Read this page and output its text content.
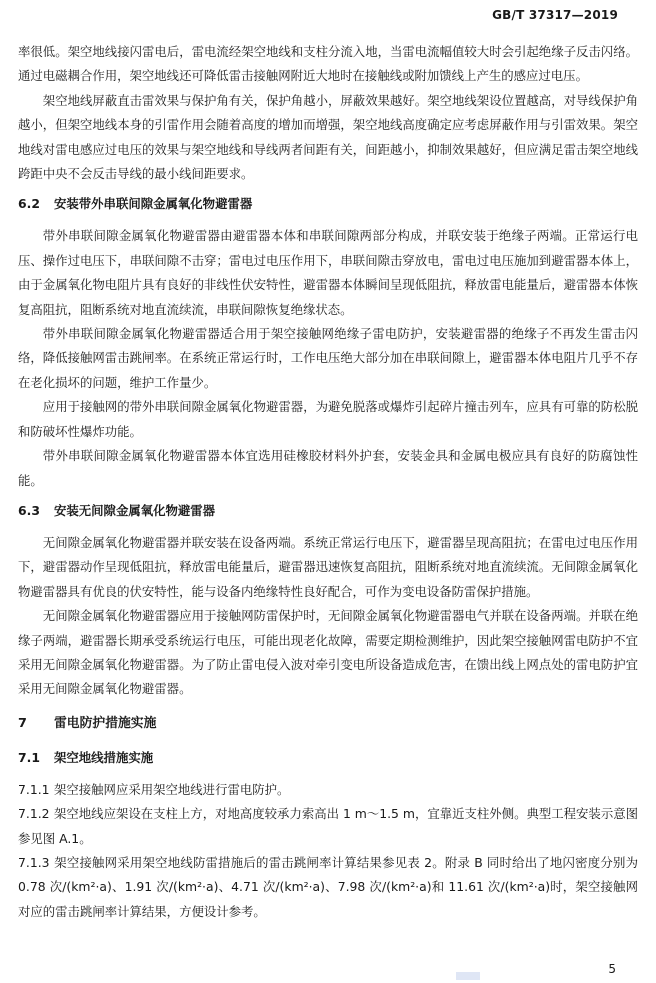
GB/T 37317—2019

率很低。架空地线接闪雷电后，雷电流经架空地线和支柱分流入地，当雷电流幅值较大时会引起绝缘子反击闪络。通过电磁耦合作用，架空地线还可降低雷击接触网附近大地时在接触线或附加馈线上产生的感应过电压。

架空地线屏蔽直击雷效果与保护角有关，保护角越小，屏蔽效果越好。架空地线架设位置越高，对导线保护角越小，但架空地线本身的引雷作用会随着高度的增加而增强，架空地线高度确定应考虑屏蔽作用与引雷效果。架空地线对雷电感应过电压的效果与架空地线和导线两者间距有关，间距越小，抑制效果越好，但应满足雷击架空地线跨距中央不会反击导线的最小线间距要求。

6.2 安装带外串联间隙金属氧化物避雷器

带外串联间隙金属氧化物避雷器由避雷器本体和串联间隙两部分构成，并联安装于绝缘子两端。正常运行电压、操作过电压下，串联间隙不击穿；雷电过电压作用下，串联间隙击穿放电，雷电过电压施加到避雷器本体上，由于金属氧化物电阻片具有良好的非线性伏安特性，避雷器本体瞬间呈现低阻抗，释放雷电能量后，避雷器本体恢复高阻抗，阻断系统对地直流续流，串联间隙恢复绝缘状态。

带外串联间隙金属氧化物避雷器适合用于架空接触网绝缘子雷电防护，安装避雷器的绝缘子不再发生雷击闪络，降低接触网雷击跳闸率。在系统正常运行时，工作电压绝大部分加在串联间隙上，避雷器本体电阻片几乎不存在老化损坏的问题，维护工作量少。

应用于接触网的带外串联间隙金属氧化物避雷器，为避免脱落或爆炸引起碎片撞击列车，应具有可靠的防松脱和防破坏性爆炸功能。

带外串联间隙金属氧化物避雷器本体宜选用硅橡胶材料外护套，安装金具和金属电极应具有良好的防腐蚀性能。

6.3 安装无间隙金属氧化物避雷器

无间隙金属氧化物避雷器并联安装在设备两端。系统正常运行电压下，避雷器呈现高阻抗；在雷电过电压作用下，避雷器动作呈现低阻抗，释放雷电能量后，避雷器迅速恢复高阻抗，阻断系统对地直流续流。无间隙金属氧化物避雷器具有优良的伏安特性，能与设备内绝缘特性良好配合，可作为变电设备防雷保护措施。

无间隙金属氧化物避雷器应用于接触网防雷保护时，无间隙金属氧化物避雷器电气并联在设备两端。并联在绝缘子两端，避雷器长期承受系统运行电压，可能出现老化故障，需要定期检测维护，因此架空接触网雷电防护不宜采用无间隙金属氧化物避雷器。为了防止雷电侵入波对牵引变电所设备造成危害，在馈出线上网点处的雷电防护宜采用无间隙金属氧化物避雷器。

7 雷电防护措施实施
7.1 架空地线措施实施

7.1.1 架空接触网应采用架空地线进行雷电防护。

7.1.2 架空地线应架设在支柱上方，对地高度较承力索高出 1 m～1.5 m，宜靠近支柱外侧。典型工程安装示意图参见图 A.1。

7.1.3 架空接触网采用架空地线防雷措施后的雷击跳闸率计算结果参见表 2。附录 B 同时给出了地闪密度分别为 0.78 次/(km²·a)、1.91 次/(km²·a)、4.71 次/(km²·a)、7.98 次/(km²·a)和 11.61 次/(km²·a)时，架空接触网对应的雷击跳闸率计算结果，方便设计参考。

5
